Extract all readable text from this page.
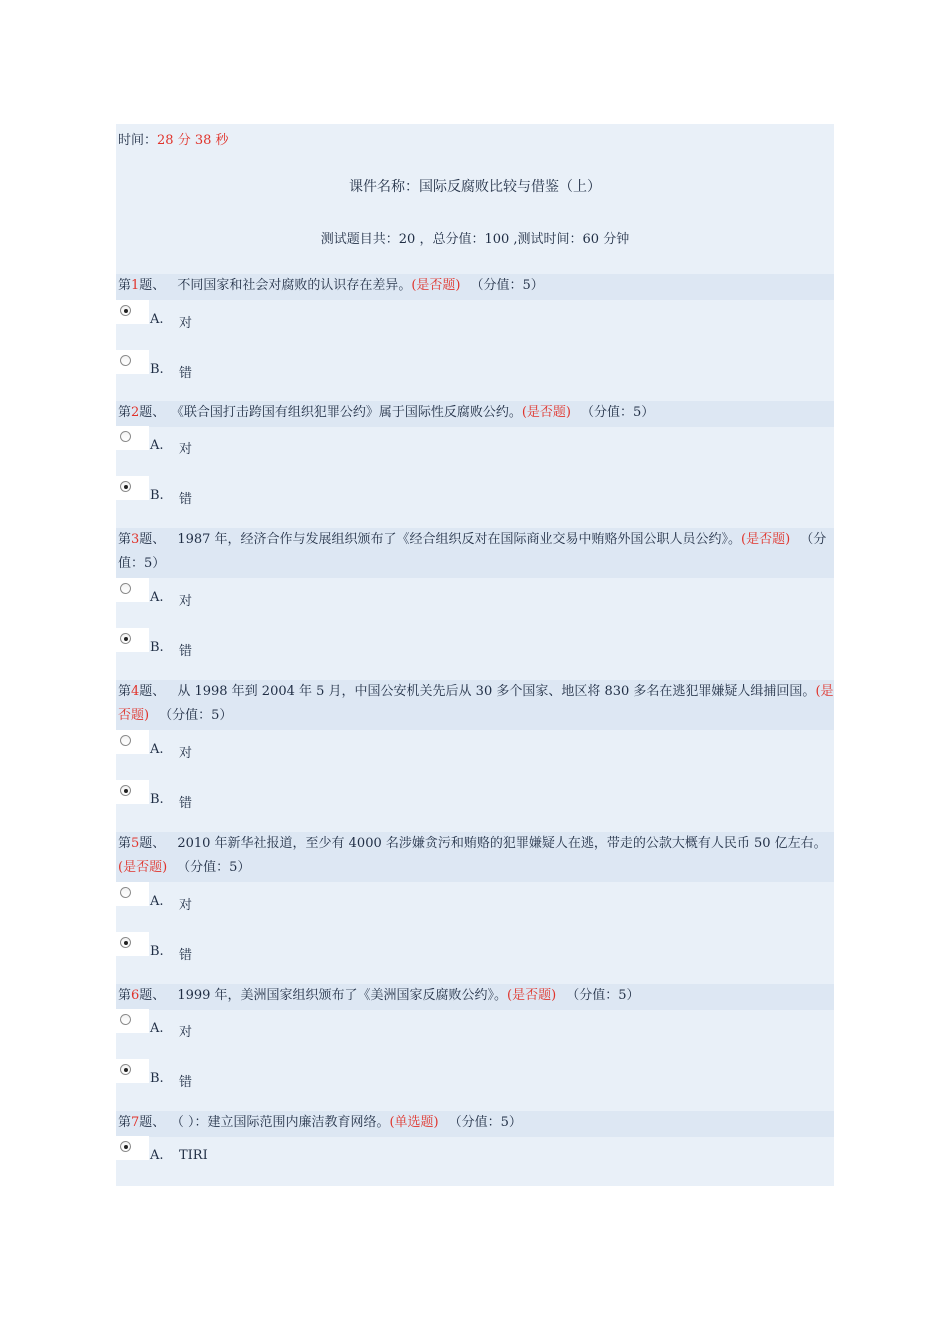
时间：28 分 38 秒
课件名称：国际反腐败比较与借鉴（上）
测试题目共：20 ，总分值：100 ,测试时间：60 分钟
第1题、 不同国家和社会对腐败的认识存在差异。(是否题) （分值：5）
A. 对
B. 错
第2题、 《联合国打击跨国有组织犯罪公约》属于国际性反腐败公约。(是否题) （分值：5）
A. 对
B. 错
第3题、 1987 年，经济合作与发展组织颁布了《经合组织反对在国际商业交易中贿赂外国公职人员公约》。(是否题) （分值：5）
A. 对
B. 错
第4题、 从 1998 年到 2004 年 5 月，中国公安机关先后从 30 多个国家、地区将 830 多名在逃犯罪嫌疑人缉捕回国。(是否题) （分值：5）
A. 对
B. 错
第5题、 2010 年新华社报道，至少有 4000 名涉嫌贪污和贿赂的犯罪嫌疑人在逃，带走的公款大概有人民币 50 亿左右。(是否题) （分值：5）
A. 对
B. 错
第6题、 1999 年，美洲国家组织颁布了《美洲国家反腐败公约》。(是否题) （分值：5）
A. 对
B. 错
第7题、 （ ）：建立国际范围内廉洁教育网络。(单选题) （分值：5）
A. TIRI
